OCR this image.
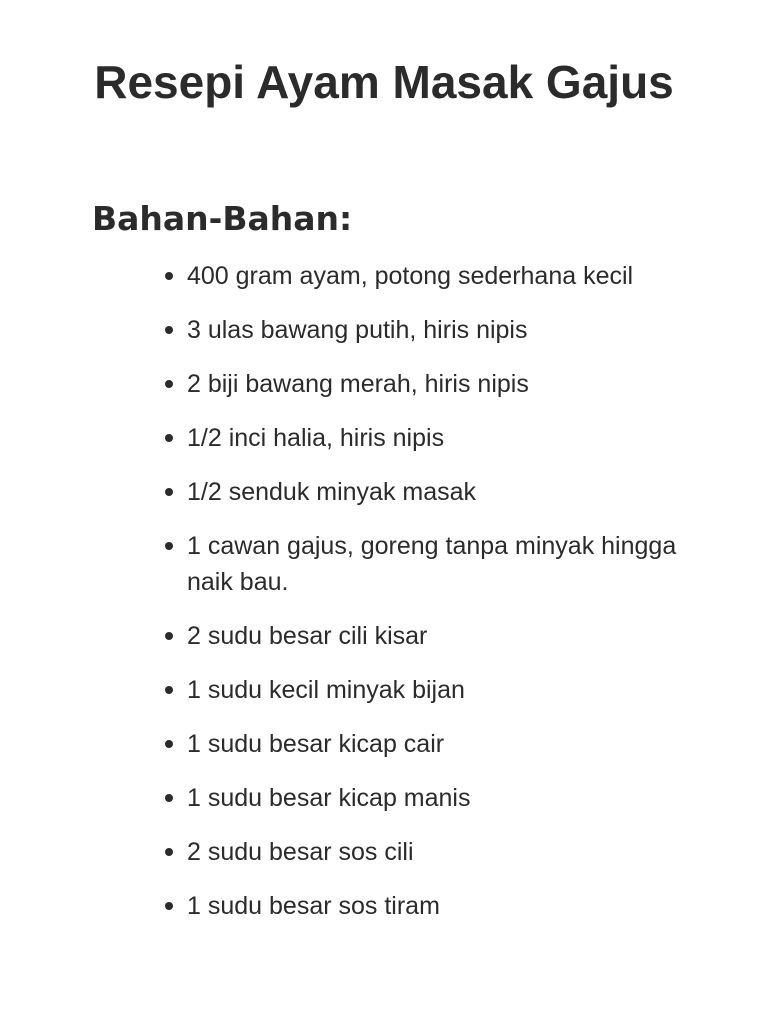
Resepi Ayam Masak Gajus
Bahan-Bahan:
400 gram ayam, potong sederhana kecil
3 ulas bawang putih, hiris nipis
2 biji bawang merah, hiris nipis
1/2 inci halia, hiris nipis
1/2 senduk minyak masak
1 cawan gajus, goreng tanpa minyak hingga naik bau.
2 sudu besar cili kisar
1 sudu kecil minyak bijan
1 sudu besar kicap cair
1 sudu besar kicap manis
2 sudu besar sos cili
1 sudu besar sos tiram
